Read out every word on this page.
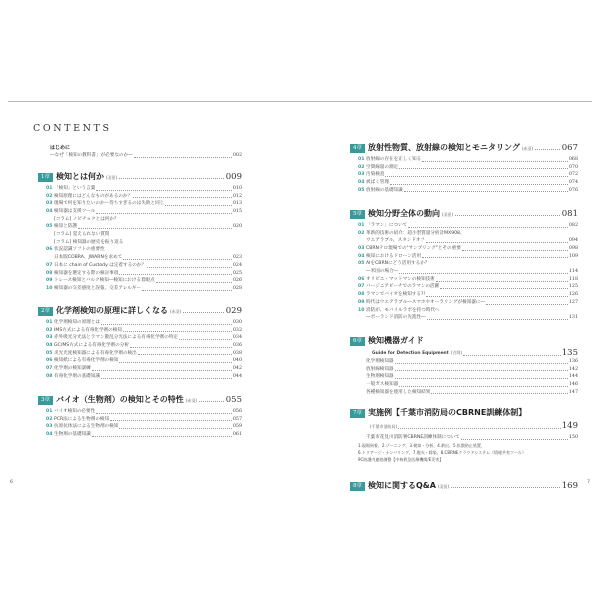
CONTENTS
はじめに
―なぜ「検知の教科書」が必要なのか―	002
1章 検知とは何か (羽田)	009
01 「検知」という言葉	010
02 検知原理にはどんなものがあるのか？	012
03 現場で何を知りたいのか～待ちすぎるのは失敗と同じ	013
04 検知器は支援ツール	015
[コラム] ノビチョクとは何か？
05 検知と防護	020
[コラム] 覚えられない質問
[コラム] 検知器の歴史を振り返る
06 状況認識ソフトの重要性
日本版COBRA、JWARNを求めて	023
07 日本に chain of Custody は定着するのか？	024
08 検知器を選定する際の検討事項	025
09 トレース検知とバルク検知―検知における着眼点	026
10 検知器の交差感度と誤報、交差アレルギー	028
2章 化学剤検知の原理に詳しくなる (赤羽)	029
01 化学剤検知の原理とは	030
02 IMS方式による有毒化学剤の検知	032
03 赤外吸光分光法とラマン散乱分光法による有毒化学剤の特定	034
04 GC/MS方式による有毒化学剤の分析	036
05 炎光光度検知器による有毒化学剤の検出	038
06 検知紙による有毒化学剤の検知	040
07 化学剤の検知訓練	042
08 有毒化学剤の基礎知識	044
3章 バイオ（生物剤）の検知とその特性 (赤羽)	055
01 バイオ検知の必要性	056
02 PCR法による生物剤の検知	057
03 抗原抗体法による生物剤の検知	059
04 生物剤の基礎知識	061
4章 放射性物質、放射線の検知とモニタリング (赤羽)	067
01 放射線の存在を正しく知る	068
02 空間線量の測定	070
03 汚染検査	072
04 被ばく管理	074
05 放射線の基礎知識	076
5章 検知分野全体の動向 (羽田)	081
01 「ラマン」について	082
02 革新的技術の紹介：超小型質量分析計MX908、
ウエアラブル、スタンドオフ	094
03 CBRNテロ現場での"サンプリング"とその重要	098
04 検知におけるドローン活用	109
05 AIをCBRNにどう活用するか？
―米国の場合―	114
06 オリビエ・マットマンの検知技術	118
07 バージニアビーチでのラマンの活躍	125
08 ラマンでバイオを検知する?!	126
09 時代はウエアラブル―スマホやオーラリングが検知器に―	127
10 消防が、モバイルラボを持つ時代へ
―ポーランド消防の先進性―	131
6章 検知機器ガイド
Guide for Detection Equipment (吉岡)	135
化学剤検知器	136
放射線検知器	142
生物剤検知器	144
一般ガス検知器	146
各種検知器を使用した検知結果	147
7章 実施例【千葉市消防局のCBRNE訓練体制】
(千葉市消防局)	149
千葉市花見川消防署CBRNE訓練体制について	150
1.現場到着、2.ゾーニング、3.検知・分析、4.救出、5.拡散防止処置、
6.トリアージ・ナンバリング、7.脱衣・除染、8.CBRNEクラウドシステム（情報共有ツール）
9C防護内連絡調整【中核救急医療機関/E災害】
8章 検知に関するQ&A (羽田)	169
6	7
